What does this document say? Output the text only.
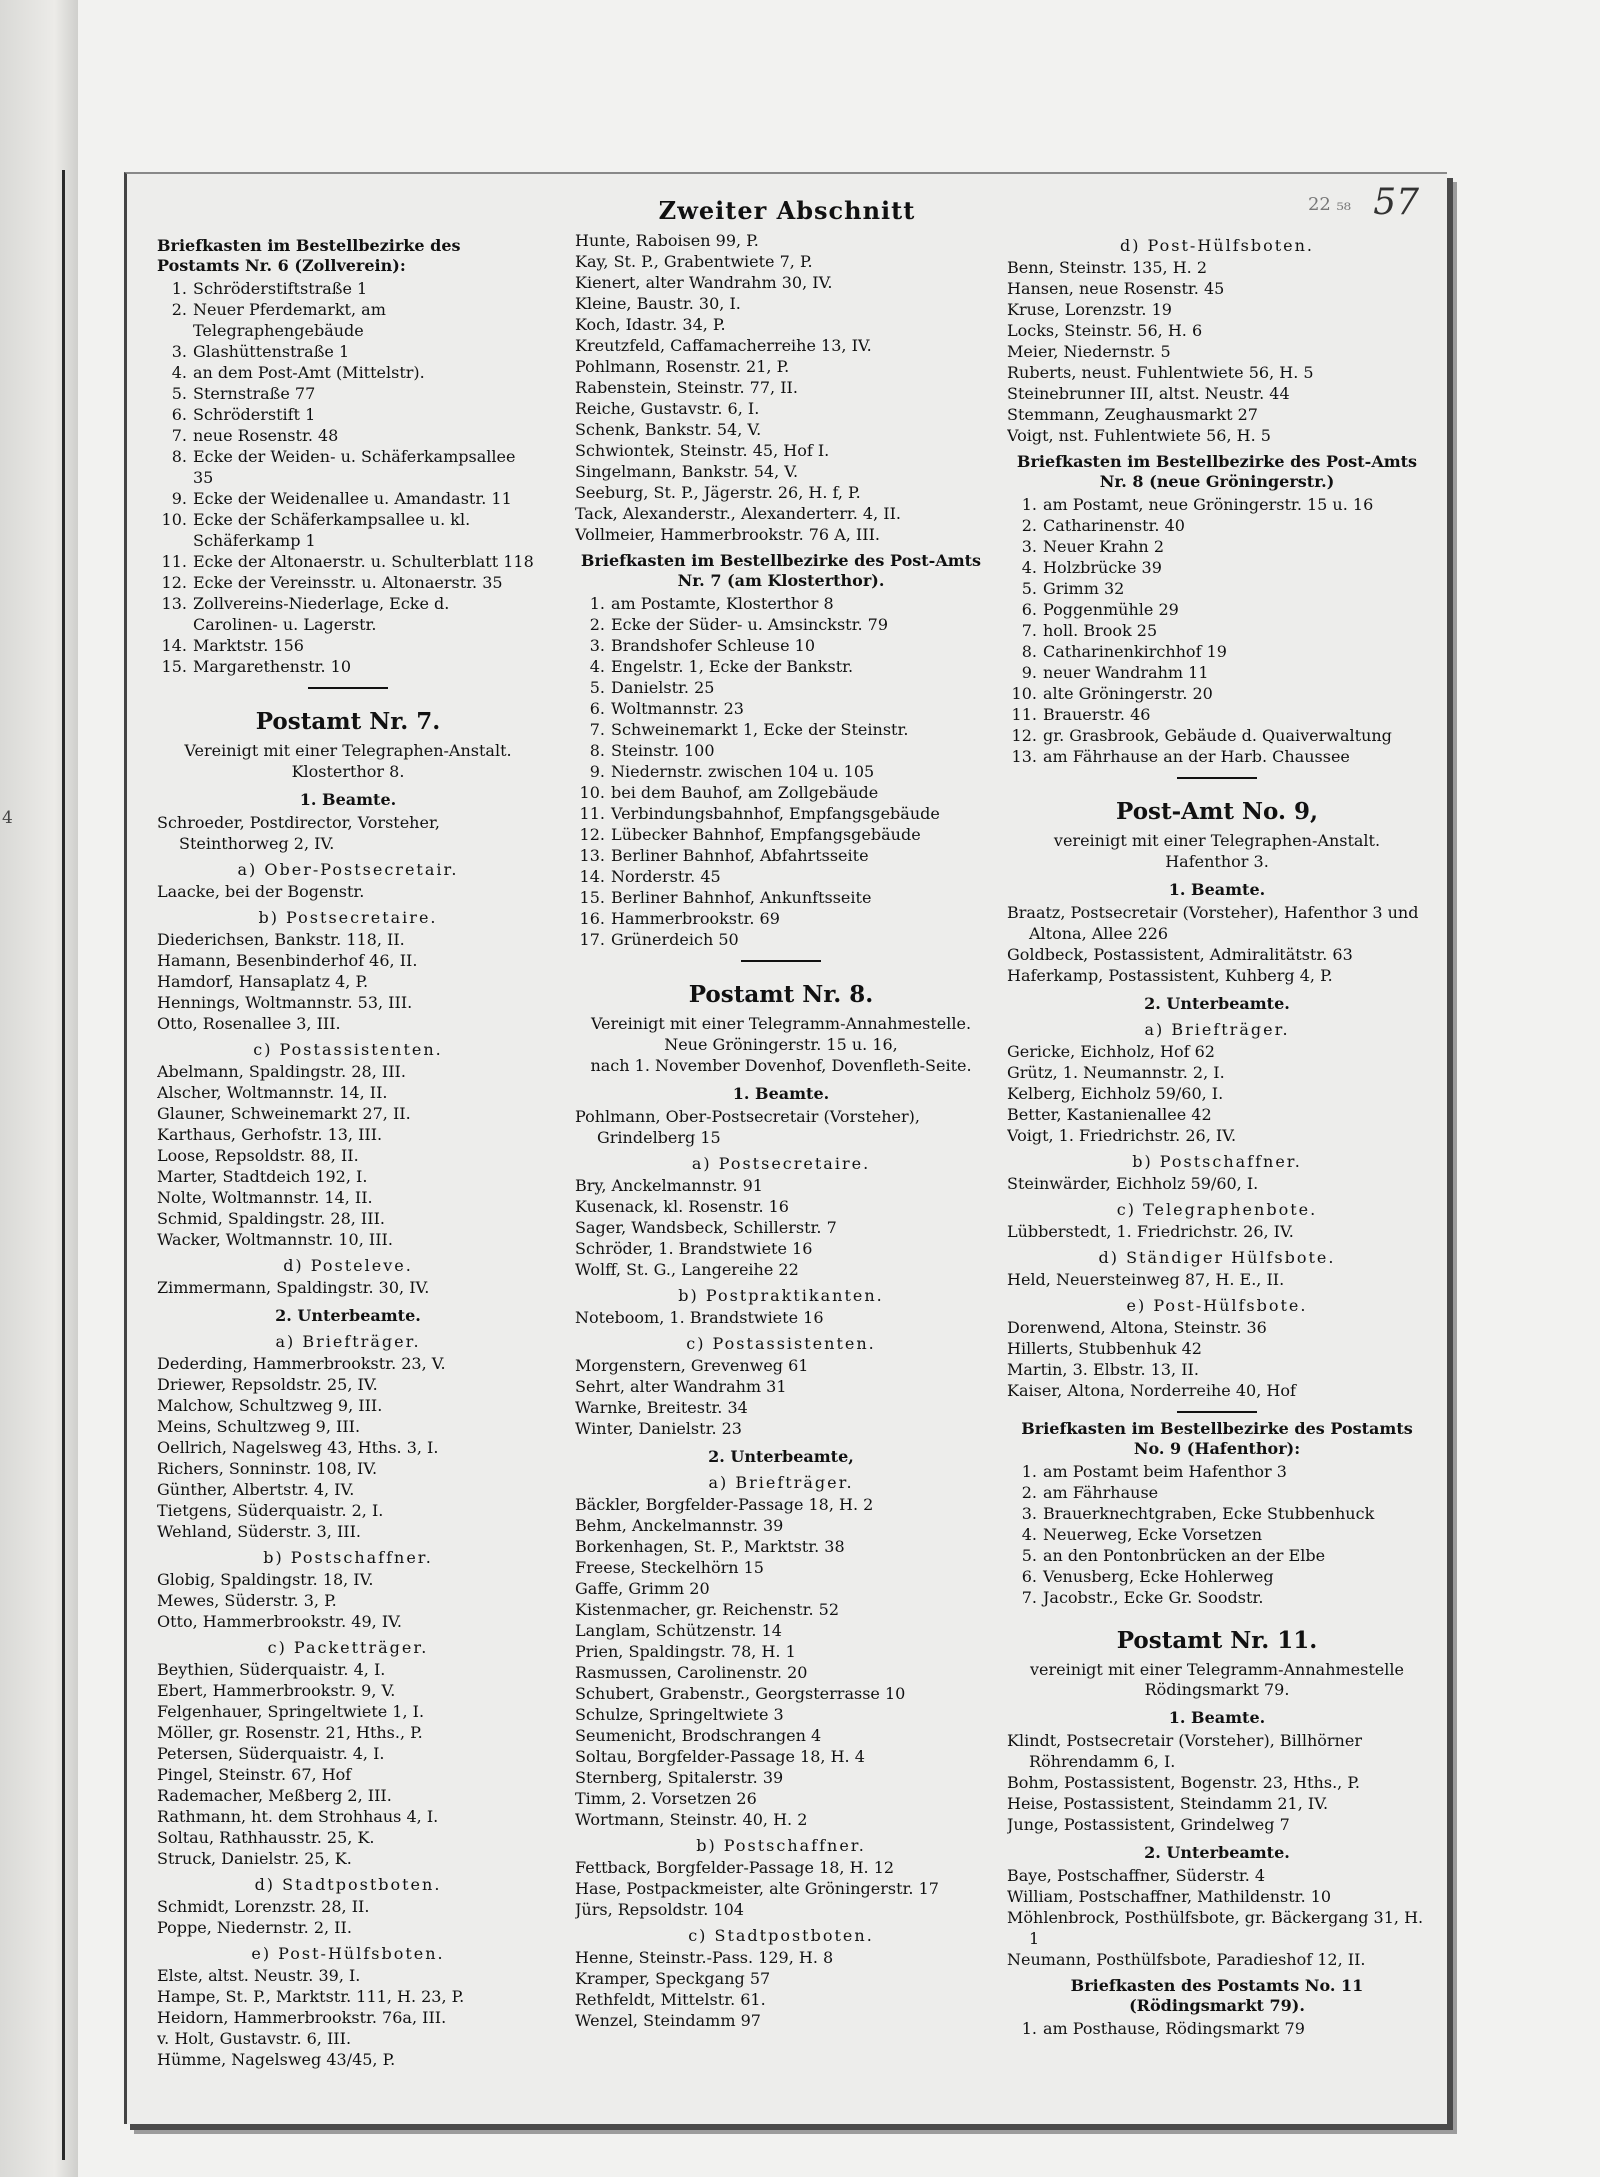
4
22 ₅₈ 57
Zweiter Abschnitt
Briefkasten im Bestellbezirke des Postamts Nr. 6 (Zollverein):
1. Schröderstiftstraße 1
2. Neuer Pferdemarkt, am Telegraphengebäude
3. Glashüttenstraße 1
4. an dem Post-Amt (Mittelstr).
5. Sternstraße 77
6. Schröderstift 1
7. neue Rosenstr. 48
8. Ecke der Weiden- u. Schäferkampsallee 35
9. Ecke der Weidenallee u. Amandastr. 11
10. Ecke der Schäferkampsallee u. kl. Schäferkamp 1
11. Ecke der Altonaerstr. u. Schulterblatt 118
12. Ecke der Vereinsstr. u. Altonaerstr. 35
13. Zollvereins-Niederlage, Ecke d. Carolinen- u. Lagerstr.
14. Marktstr. 156
15. Margarethenstr. 10
Postamt Nr. 7.
Vereinigt mit einer Telegraphen-Anstalt.
Klosterthor 8.
1. Beamte.
Schroeder, Postdirector, Vorsteher, Steinthorweg 2, IV.
a) Ober-Postsecretair.
Laacke, bei der Bogenstr.
b) Postsecretaire.
Diederichsen, Bankstr. 118, II.
Hamann, Besenbinderhof 46, II.
Hamdorf, Hansaplatz 4, P.
Hennings, Woltmannstr. 53, III.
Otto, Rosenallee 3, III.
c) Postassistenten.
Abelmann, Spaldingstr. 28, III.
Alscher, Woltmannstr. 14, II.
Glauner, Schweinemarkt 27, II.
Karthaus, Gerhofstr. 13, III.
Loose, Repsoldstr. 88, II.
Marter, Stadtdeich 192, I.
Nolte, Woltmannstr. 14, II.
Schmid, Spaldingstr. 28, III.
Wacker, Woltmannstr. 10, III.
d) Posteleve.
Zimmermann, Spaldingstr. 30, IV.
2. Unterbeamte.
a) Briefträger.
Dederding, Hammerbrookstr. 23, V.
Driewer, Repsoldstr. 25, IV.
Malchow, Schultzweg 9, III.
Meins, Schultzweg 9, III.
Oellrich, Nagelsweg 43, Hths. 3, I.
Richers, Sonninstr. 108, IV.
Günther, Albertstr. 4, IV.
Tietgens, Süderquaistr. 2, I.
Wehland, Süderstr. 3, III.
b) Postschaffner.
Globig, Spaldingstr. 18, IV.
Mewes, Süderstr. 3, P.
Otto, Hammerbrookstr. 49, IV.
c) Packetträger.
Beythien, Süderquaistr. 4, I.
Ebert, Hammerbrookstr. 9, V.
Felgenhauer, Springeltwiete 1, I.
Möller, gr. Rosenstr. 21, Hths., P.
Petersen, Süderquaistr. 4, I.
Pingel, Steinstr. 67, Hof
Rademacher, Meßberg 2, III.
Rathmann, ht. dem Strohhaus 4, I.
Soltau, Rathhausstr. 25, K.
Struck, Danielstr. 25, K.
d) Stadtpostboten.
Schmidt, Lorenzstr. 28, II.
Poppe, Niedernstr. 2, II.
e) Post-Hülfsboten.
Elste, altst. Neustr. 39, I.
Hampe, St. P., Marktstr. 111, H. 23, P.
Heidorn, Hammerbrookstr. 76a, III.
v. Holt, Gustavstr. 6, III.
Hümme, Nagelsweg 43/45, P.
Hunte, Raboisen 99, P.
Kay, St. P., Grabentwiete 7, P.
Kienert, alter Wandrahm 30, IV.
Kleine, Baustr. 30, I.
Koch, Idastr. 34, P.
Kreutzfeld, Caffamacherreihe 13, IV.
Pohlmann, Rosenstr. 21, P.
Rabenstein, Steinstr. 77, II.
Reiche, Gustavstr. 6, I.
Schenk, Bankstr. 54, V.
Schwiontek, Steinstr. 45, Hof I.
Singelmann, Bankstr. 54, V.
Seeburg, St. P., Jägerstr. 26, H. f, P.
Tack, Alexanderstr., Alexanderterr. 4, II.
Vollmeier, Hammerbrookstr. 76 A, III.
Briefkasten im Bestellbezirke des Post-Amts Nr. 7 (am Klosterthor).
1. am Postamte, Klosterthor 8
2. Ecke der Süder- u. Amsinckstr. 79
3. Brandshofer Schleuse 10
4. Engelstr. 1, Ecke der Bankstr.
5. Danielstr. 25
6. Woltmannstr. 23
7. Schweinemarkt 1, Ecke der Steinstr.
8. Steinstr. 100
9. Niedernstr. zwischen 104 u. 105
10. bei dem Bauhof, am Zollgebäude
11. Verbindungsbahnhof, Empfangsgebäude
12. Lübecker Bahnhof, Empfangsgebäude
13. Berliner Bahnhof, Abfahrtsseite
14. Norderstr. 45
15. Berliner Bahnhof, Ankunftsseite
16. Hammerbrookstr. 69
17. Grünerdeich 50
Postamt Nr. 8.
Vereinigt mit einer Telegramm-Annahmestelle.
Neue Gröningerstr. 15 u. 16,
nach 1. November Dovenhof, Dovenfleth-Seite.
1. Beamte.
Pohlmann, Ober-Postsecretair (Vorsteher), Grindelberg 15
a) Postsecretaire.
Bry, Anckelmannstr. 91
Kusenack, kl. Rosenstr. 16
Sager, Wandsbeck, Schillerstr. 7
Schröder, 1. Brandstwiete 16
Wolff, St. G., Langereihe 22
b) Postpraktikanten.
Noteboom, 1. Brandstwiete 16
c) Postassistenten.
Morgenstern, Grevenweg 61
Sehrt, alter Wandrahm 31
Warnke, Breitestr. 34
Winter, Danielstr. 23
2. Unterbeamte,
a) Briefträger.
Bäckler, Borgfelder-Passage 18, H. 2
Behm, Anckelmannstr. 39
Borkenhagen, St. P., Marktstr. 38
Freese, Steckelhörn 15
Gaffe, Grimm 20
Kistenmacher, gr. Reichenstr. 52
Langlam, Schützenstr. 14
Prien, Spaldingstr. 78, H. 1
Rasmussen, Carolinenstr. 20
Schubert, Grabenstr., Georgsterrasse 10
Schulze, Springeltwiete 3
Seumenicht, Brodschrangen 4
Soltau, Borgfelder-Passage 18, H. 4
Sternberg, Spitalerstr. 39
Timm, 2. Vorsetzen 26
Wortmann, Steinstr. 40, H. 2
b) Postschaffner.
Fettback, Borgfelder-Passage 18, H. 12
Hase, Postpackmeister, alte Gröningerstr. 17
Jürs, Repsoldstr. 104
c) Stadtpostboten.
Henne, Steinstr.-Pass. 129, H. 8
Kramper, Speckgang 57
Rethfeldt, Mittelstr. 61.
Wenzel, Steindamm 97
d) Post-Hülfsboten.
Benn, Steinstr. 135, H. 2
Hansen, neue Rosenstr. 45
Kruse, Lorenzstr. 19
Locks, Steinstr. 56, H. 6
Meier, Niedernstr. 5
Ruberts, neust. Fuhlentwiete 56, H. 5
Steinebrunner III, altst. Neustr. 44
Stemmann, Zeughausmarkt 27
Voigt, nst. Fuhlentwiete 56, H. 5
Briefkasten im Bestellbezirke des Post-Amts Nr. 8 (neue Gröningerstr.)
1. am Postamt, neue Gröningerstr. 15 u. 16
2. Catharinenstr. 40
3. Neuer Krahn 2
4. Holzbrücke 39
5. Grimm 32
6. Poggenmühle 29
7. holl. Brook 25
8. Catharinenkirchhof 19
9. neuer Wandrahm 11
10. alte Gröningerstr. 20
11. Brauerstr. 46
12. gr. Grasbrook, Gebäude d. Quaiverwaltung
13. am Fährhause an der Harb. Chaussee
Post-Amt No. 9,
vereinigt mit einer Telegraphen-Anstalt.
Hafenthor 3.
1. Beamte.
Braatz, Postsecretair (Vorsteher), Hafenthor 3 und Altona, Allee 226
Goldbeck, Postassistent, Admiralitätstr. 63
Haferkamp, Postassistent, Kuhberg 4, P.
2. Unterbeamte.
a) Briefträger.
Gericke, Eichholz, Hof 62
Grütz, 1. Neumannstr. 2, I.
Kelberg, Eichholz 59/60, I.
Better, Kastanienallee 42
Voigt, 1. Friedrichstr. 26, IV.
b) Postschaffner.
Steinwärder, Eichholz 59/60, I.
c) Telegraphenbote.
Lübberstedt, 1. Friedrichstr. 26, IV.
d) Ständiger Hülfsbote.
Held, Neuersteinweg 87, H. E., II.
e) Post-Hülfsbote.
Dorenwend, Altona, Steinstr. 36
Hillerts, Stubbenhuk 42
Martin, 3. Elbstr. 13, II.
Kaiser, Altona, Norderreihe 40, Hof
Briefkasten im Bestellbezirke des Postamts No. 9 (Hafenthor):
1. am Postamt beim Hafenthor 3
2. am Fährhause
3. Brauerknechtgraben, Ecke Stubbenhuck
4. Neuerweg, Ecke Vorsetzen
5. an den Pontonbrücken an der Elbe
6. Venusberg, Ecke Hohlerweg
7. Jacobstr., Ecke Gr. Soodstr.
Postamt Nr. 11.
vereinigt mit einer Telegramm-Annahmestelle Rödingsmarkt 79.
1. Beamte.
Klindt, Postsecretair (Vorsteher), Billhörner Röhrendamm 6, I.
Bohm, Postassistent, Bogenstr. 23, Hths., P.
Heise, Postassistent, Steindamm 21, IV.
Junge, Postassistent, Grindelweg 7
2. Unterbeamte.
Baye, Postschaffner, Süderstr. 4
William, Postschaffner, Mathildenstr. 10
Möhlenbrock, Posthülfsbote, gr. Bäckergang 31, H. 1
Neumann, Posthülfsbote, Paradieshof 12, II.
Briefkasten des Postamts No. 11 (Rödingsmarkt 79).
1. am Posthause, Rödingsmarkt 79
